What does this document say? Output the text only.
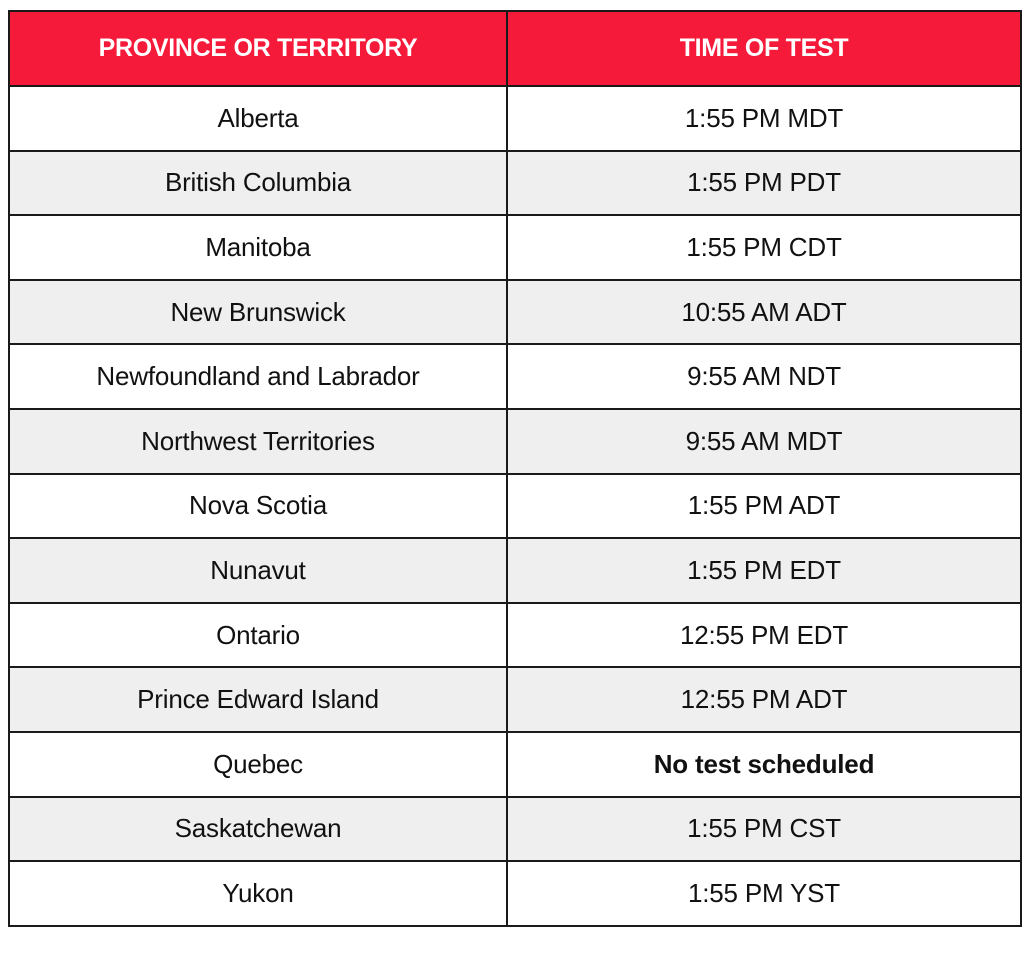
PROVINCE OR TERRITORY	TIME OF TEST
Alberta	1:55 PM MDT
British Columbia	1:55 PM PDT
Manitoba	1:55 PM CDT
New Brunswick	10:55 AM ADT
Newfoundland and Labrador	9:55 AM NDT
Northwest Territories	9:55 AM MDT
Nova Scotia	1:55 PM ADT
Nunavut	1:55 PM EDT
Ontario	12:55 PM EDT
Prince Edward Island	12:55 PM ADT
Quebec	No test scheduled
Saskatchewan	1:55 PM CST
Yukon	1:55 PM YST
